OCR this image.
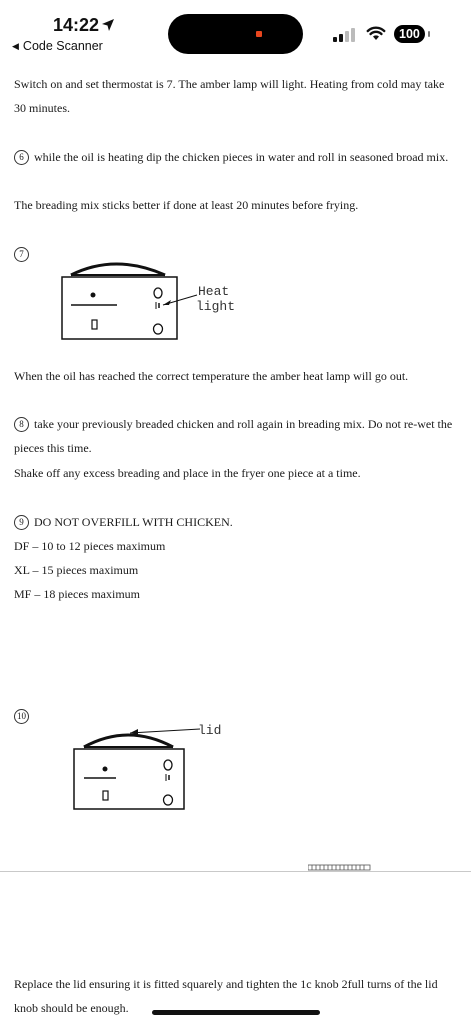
14:22
◀ Code Scanner
100

Switch on and set thermostat is 7. The amber lamp will light. Heating from cold may take 30 minutes.

6 while the oil is heating dip the chicken pieces in water and roll in seasoned broad mix.

The breading mix sticks better if done at least 20 minutes before frying.

7
Heat
light

When the oil has reached the correct temperature the amber heat lamp will go out.

8 take your previously breaded chicken and roll again in breading mix. Do not re-wet the pieces this time.

Shake off any excess breading and place in the fryer one piece at a time.

9 DO NOT OVERFILL WITH CHICKEN.

DF – 10 to 12 pieces maximum

XL – 15 pieces maximum

MF – 18 pieces maximum

10
lid

Replace the lid ensuring it is fitted squarely and tighten the 1c knob 2full turns of the lid knob should be enough.
